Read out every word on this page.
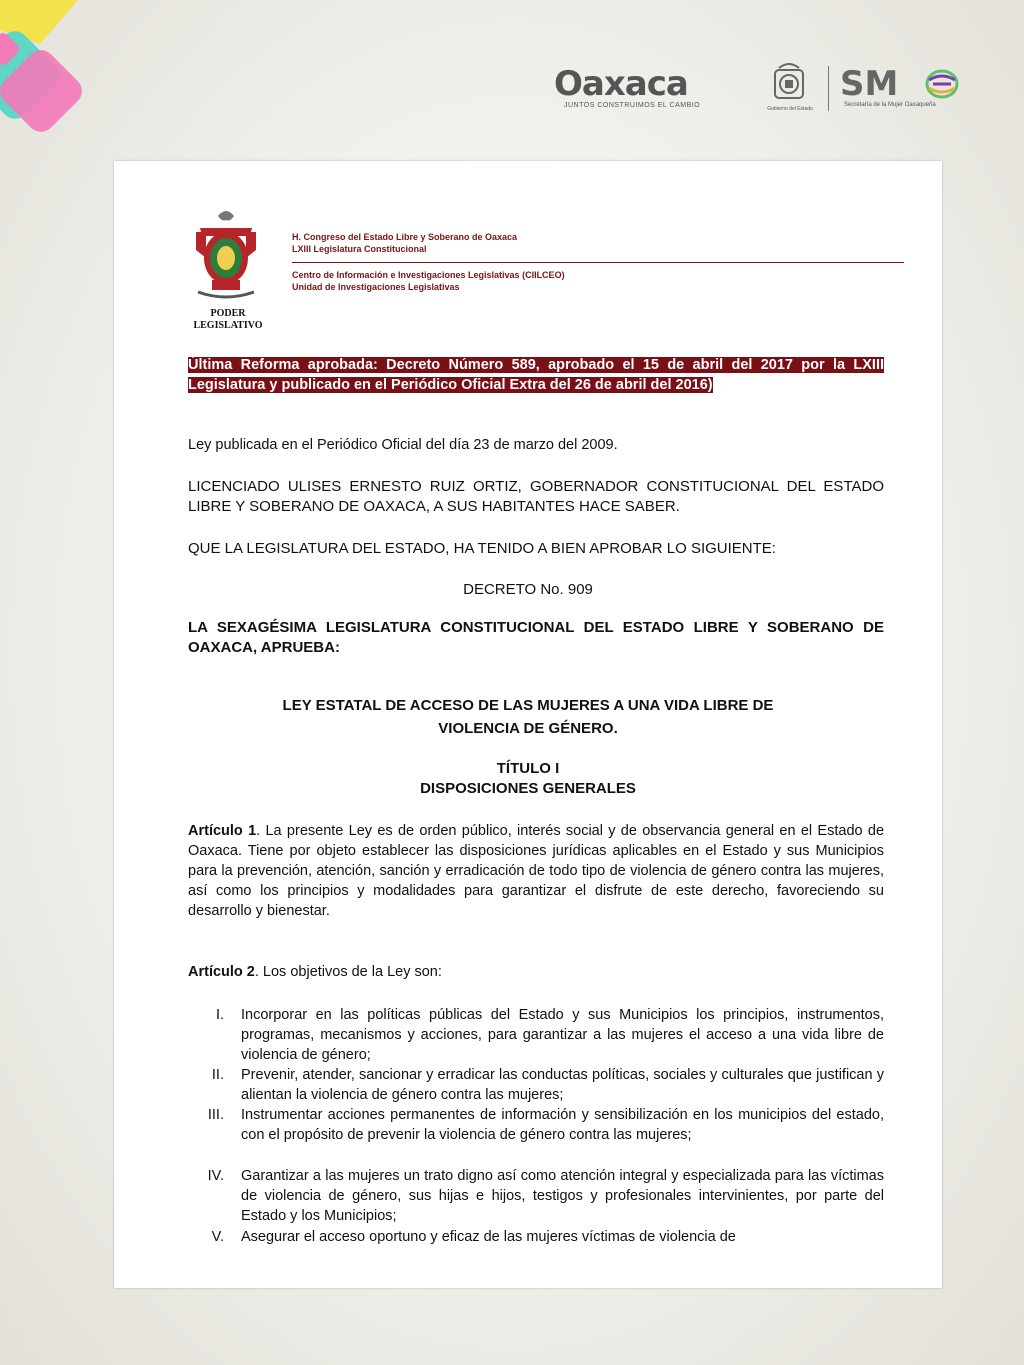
Oaxaca
JUNTOS CONSTRUIMOS EL CAMBIO	Gobierno del Estado
SM
Secretaría de la Mujer Oaxaqueña
PODER
LEGISLATIVO
H. Congreso del Estado Libre y Soberano de Oaxaca
LXIII Legislatura Constitucional
Centro de Información e Investigaciones Legislativas (CIILCEO)
Unidad de Investigaciones Legislativas
Última Reforma aprobada: Decreto Número 589, aprobado el 15 de abril del 2017 por la LXIII Legislatura y publicado en el Periódico Oficial Extra del 26 de abril del 2016)
Ley publicada en el Periódico Oficial del día 23 de marzo del 2009.
LICENCIADO ULISES ERNESTO RUIZ ORTIZ, GOBERNADOR CONSTITUCIONAL DEL ESTADO LIBRE Y SOBERANO DE OAXACA, A SUS HABITANTES HACE SABER.
QUE LA LEGISLATURA DEL ESTADO, HA TENIDO A BIEN APROBAR LO SIGUIENTE:
DECRETO No. 909
LA SEXAGÉSIMA LEGISLATURA CONSTITUCIONAL DEL ESTADO LIBRE Y SOBERANO DE OAXACA, APRUEBA:
LEY ESTATAL DE ACCESO DE LAS MUJERES A UNA VIDA LIBRE DE
VIOLENCIA DE GÉNERO.
TÍTULO I
DISPOSICIONES GENERALES
Artículo 1. La presente Ley es de orden público, interés social y de observancia general en el Estado de Oaxaca. Tiene por objeto establecer las disposiciones jurídicas aplicables en el Estado y sus Municipios para la prevención, atención, sanción y erradicación de todo tipo de violencia de género contra las mujeres, así como los principios y modalidades para garantizar el disfrute de este derecho, favoreciendo su desarrollo y bienestar.
Artículo 2. Los objetivos de la Ley son:
I. Incorporar en las políticas públicas del Estado y sus Municipios los principios, instrumentos, programas, mecanismos y acciones, para garantizar a las mujeres el acceso a una vida libre de violencia de género;
II. Prevenir, atender, sancionar y erradicar las conductas políticas, sociales y culturales que justifican y alientan la violencia de género contra las mujeres;
III. Instrumentar acciones permanentes de información y sensibilización en los municipios del estado, con el propósito de prevenir la violencia de género contra las mujeres;
IV. Garantizar a las mujeres un trato digno así como atención integral y especializada para las víctimas de violencia de género, sus hijas e hijos, testigos y profesionales intervinientes, por parte del Estado y los Municipios;
V. Asegurar el acceso oportuno y eficaz de las mujeres víctimas de violencia de
